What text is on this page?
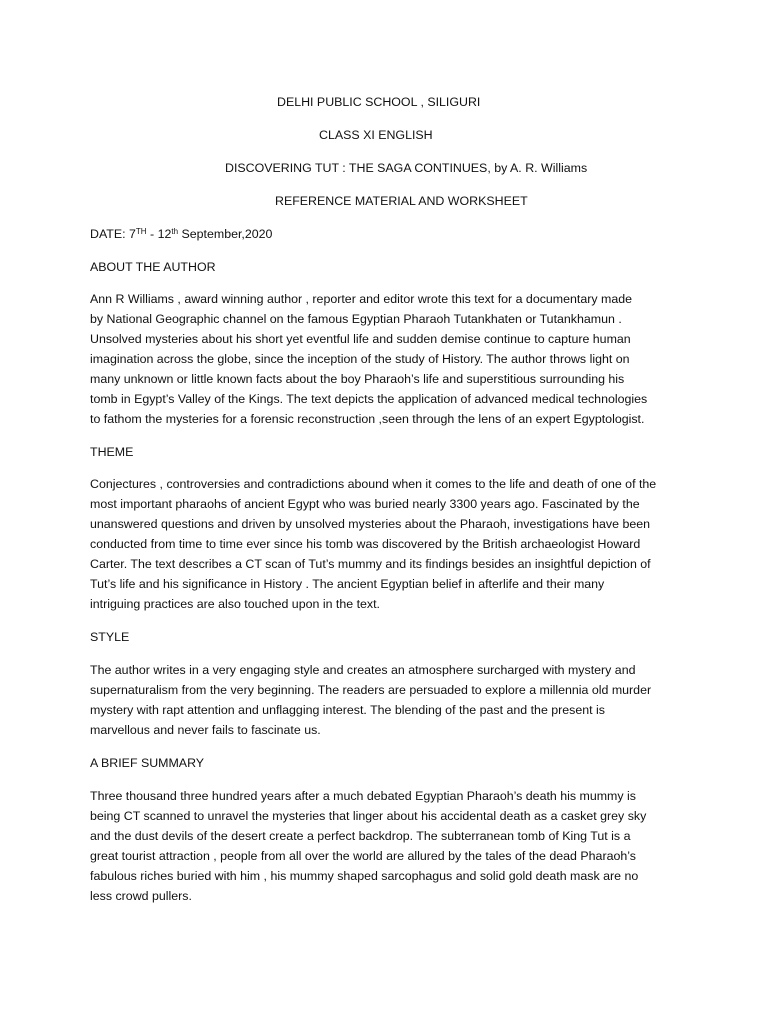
DELHI PUBLIC SCHOOL , SILIGURI
CLASS XI ENGLISH
DISCOVERING TUT : THE SAGA CONTINUES, by A. R. Williams
REFERENCE MATERIAL AND WORKSHEET
DATE: 7TH - 12th September,2020
ABOUT THE AUTHOR
Ann R Williams , award winning author , reporter and editor wrote this text for a documentary made
by National Geographic channel on the famous Egyptian Pharaoh Tutankhaten or Tutankhamun .
Unsolved mysteries about his short yet eventful life and sudden demise continue to capture human
imagination across the globe, since the inception of the study of History. The author throws light on
many unknown or little known facts about the boy Pharaoh’s life and superstitious surrounding his
tomb in Egypt’s Valley of the Kings. The text depicts the application of advanced medical technologies
to fathom the mysteries for a forensic reconstruction ,seen through the lens of an expert Egyptologist.
THEME
Conjectures , controversies and contradictions abound when it comes to the life and death of one of the
most important pharaohs of ancient Egypt who was buried nearly 3300 years ago. Fascinated by the
unanswered questions and driven by unsolved mysteries about the Pharaoh, investigations have been
conducted from time to time ever since his tomb was discovered by the British archaeologist Howard
Carter. The text describes a CT scan of Tut’s mummy and its findings besides an insightful depiction of
Tut’s life and his significance in History . The ancient Egyptian belief in afterlife and their many
intriguing practices are also touched upon in the text.
STYLE
The author writes in a very engaging style and creates an atmosphere surcharged with mystery and
supernaturalism from the very beginning. The readers are persuaded to explore a millennia old murder
mystery with rapt attention and unflagging interest. The blending of the past and the present is
marvellous and never fails to fascinate us.
A BRIEF SUMMARY
Three thousand three hundred years after a much debated Egyptian Pharaoh’s death his mummy is
being CT scanned to unravel the mysteries that linger about his accidental death as a casket grey sky
and the dust devils of the desert create a perfect backdrop. The subterranean tomb of King Tut is a
great tourist attraction , people from all over the world are allured by the tales of the dead Pharaoh’s
fabulous riches buried with him , his mummy shaped sarcophagus and solid gold death mask are no
less crowd pullers.
